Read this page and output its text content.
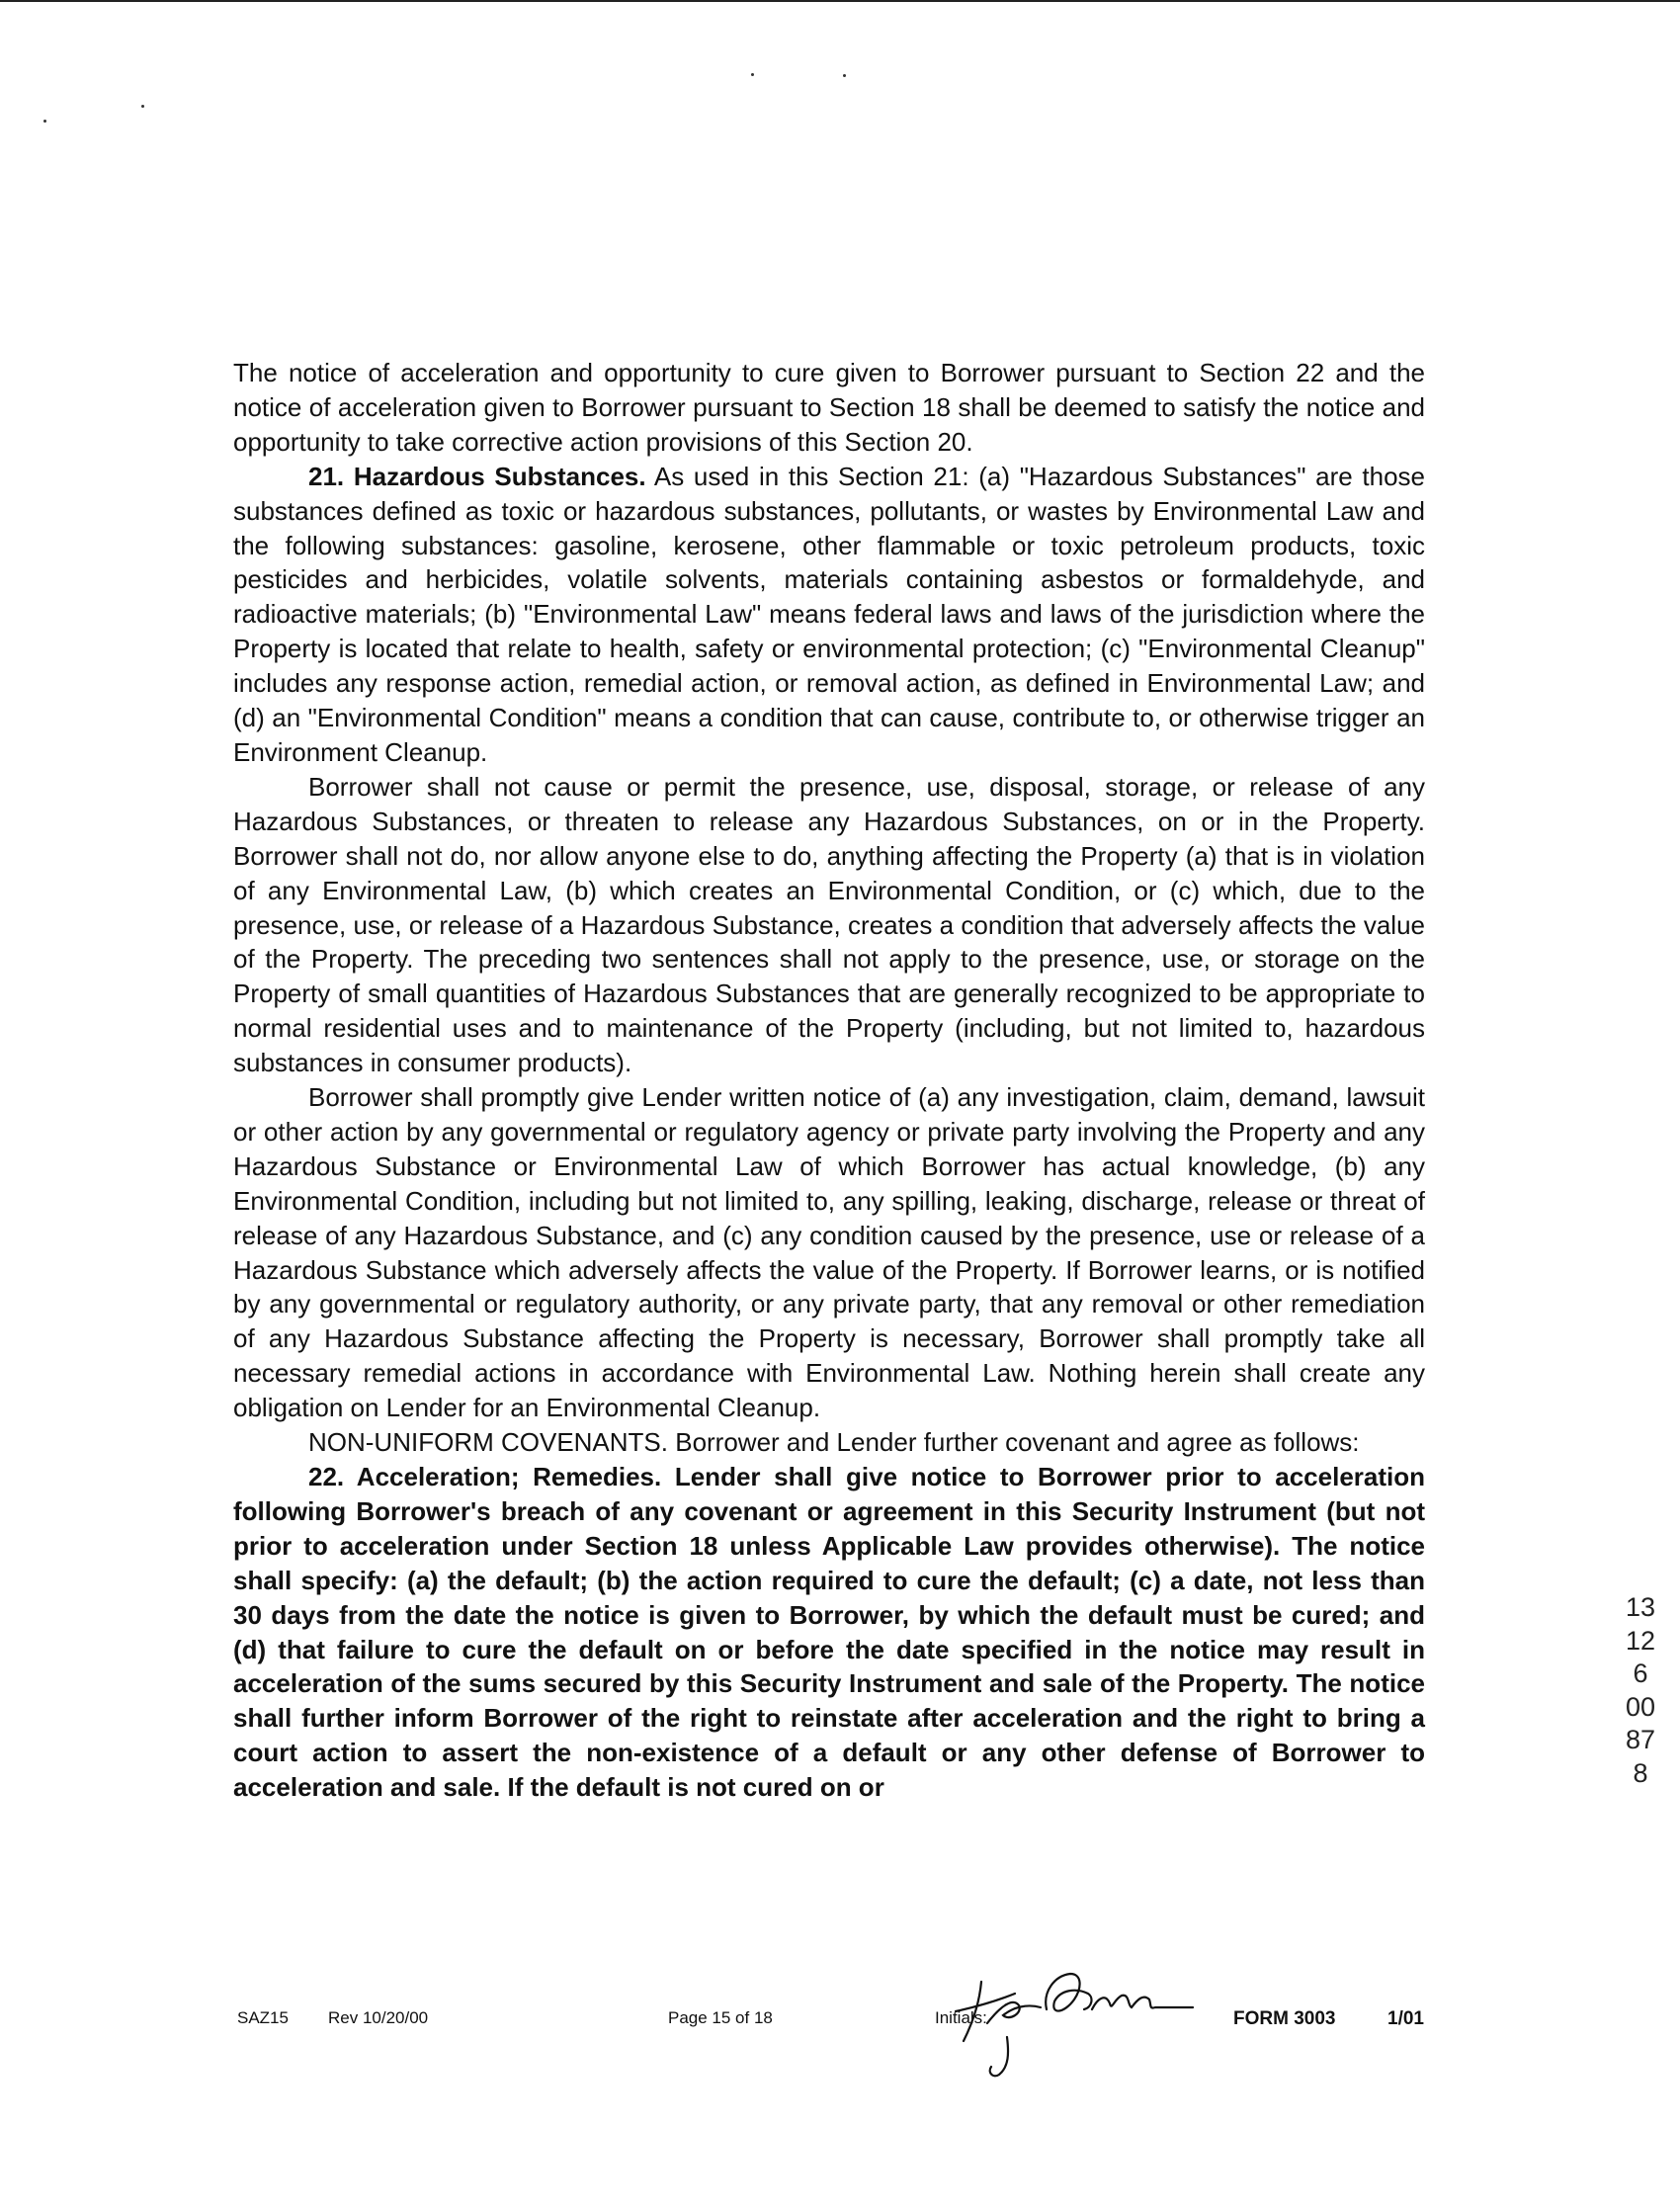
The notice of acceleration and opportunity to cure given to Borrower pursuant to Section 22 and the notice of acceleration given to Borrower pursuant to Section 18 shall be deemed to satisfy the notice and opportunity to take corrective action provisions of this Section 20.

21. Hazardous Substances. As used in this Section 21: (a) "Hazardous Substances" are those substances defined as toxic or hazardous substances, pollutants, or wastes by Environmental Law and the following substances: gasoline, kerosene, other flammable or toxic petroleum products, toxic pesticides and herbicides, volatile solvents, materials containing asbestos or formaldehyde, and radioactive materials; (b) "Environmental Law" means federal laws and laws of the jurisdiction where the Property is located that relate to health, safety or environmental protection; (c) "Environmental Cleanup" includes any response action, remedial action, or removal action, as defined in Environmental Law; and (d) an "Environmental Condition" means a condition that can cause, contribute to, or otherwise trigger an Environment Cleanup.

Borrower shall not cause or permit the presence, use, disposal, storage, or release of any Hazardous Substances, or threaten to release any Hazardous Substances, on or in the Property. Borrower shall not do, nor allow anyone else to do, anything affecting the Property (a) that is in violation of any Environmental Law, (b) which creates an Environmental Condition, or (c) which, due to the presence, use, or release of a Hazardous Substance, creates a condition that adversely affects the value of the Property. The preceding two sentences shall not apply to the presence, use, or storage on the Property of small quantities of Hazardous Substances that are generally recognized to be appropriate to normal residential uses and to maintenance of the Property (including, but not limited to, hazardous substances in consumer products).

Borrower shall promptly give Lender written notice of (a) any investigation, claim, demand, lawsuit or other action by any governmental or regulatory agency or private party involving the Property and any Hazardous Substance or Environmental Law of which Borrower has actual knowledge, (b) any Environmental Condition, including but not limited to, any spilling, leaking, discharge, release or threat of release of any Hazardous Substance, and (c) any condition caused by the presence, use or release of a Hazardous Substance which adversely affects the value of the Property. If Borrower learns, or is notified by any governmental or regulatory authority, or any private party, that any removal or other remediation of any Hazardous Substance affecting the Property is necessary, Borrower shall promptly take all necessary remedial actions in accordance with Environmental Law. Nothing herein shall create any obligation on Lender for an Environmental Cleanup.

NON-UNIFORM COVENANTS. Borrower and Lender further covenant and agree as follows:

22. Acceleration; Remedies. Lender shall give notice to Borrower prior to acceleration following Borrower's breach of any covenant or agreement in this Security Instrument (but not prior to acceleration under Section 18 unless Applicable Law provides otherwise). The notice shall specify: (a) the default; (b) the action required to cure the default; (c) a date, not less than 30 days from the date the notice is given to Borrower, by which the default must be cured; and (d) that failure to cure the default on or before the date specified in the notice may result in acceleration of the sums secured by this Security Instrument and sale of the Property. The notice shall further inform Borrower of the right to reinstate after acceleration and the right to bring a court action to assert the non-existence of a default or any other defense of Borrower to acceleration and sale. If the default is not cured on or

SAZ15 Rev 10/20/00	Page 15 of 18	Initials:	FORM 3003	1/01
13126 00878
